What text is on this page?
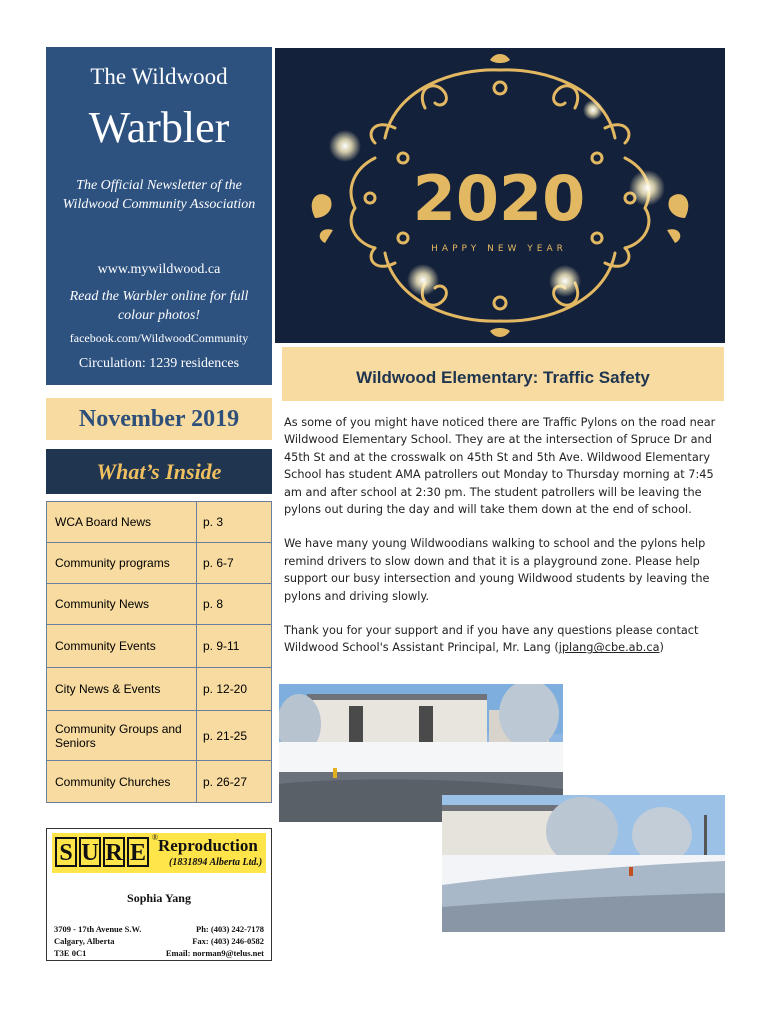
The Wildwood
Warbler
The Official Newsletter of the Wildwood Community Association
www.mywildwood.ca
Read the Warbler online for full colour photos!
facebook.com/WildwoodCommunity
Circulation: 1239 residences
November 2019
What’s Inside
WCA Board News	p. 3
Community programs	p. 6-7
Community News	p. 8
Community Events	p. 9-11
City News & Events	p. 12-20
Community Groups and Seniors	p. 21-25
Community Churches	p. 26-27
S U R E
® Reproduction
(1831894 Alberta Ltd.)
Sophia Yang
3709 - 17th Avenue S.W.
Calgary, Alberta
T3E 0C1
Ph: (403) 242-7178
Fax: (403) 246-0582
Email: norman9@telus.net
2020
HAPPY NEW YEAR
Wildwood Elementary: Traffic Safety

As some of you might have noticed there are Traffic Pylons on the road near Wildwood Elementary School. They are at the intersection of Spruce Dr and 45th St and at the crosswalk on 45th St and 5th Ave. Wildwood Elementary School has student AMA patrollers out Monday to Thursday morning at 7:45 am and after school at 2:30 pm. The student patrollers will be leaving the pylons out during the day and will take them down at the end of school.

We have many young Wildwoodians walking to school and the pylons help remind drivers to slow down and that it is a playground zone. Please help support our busy intersection and young Wildwood students by leaving the pylons and driving slowly.

Thank you for your support and if you have any questions please contact Wildwood School's Assistant Principal, Mr. Lang (jplang@cbe.ab.ca)
